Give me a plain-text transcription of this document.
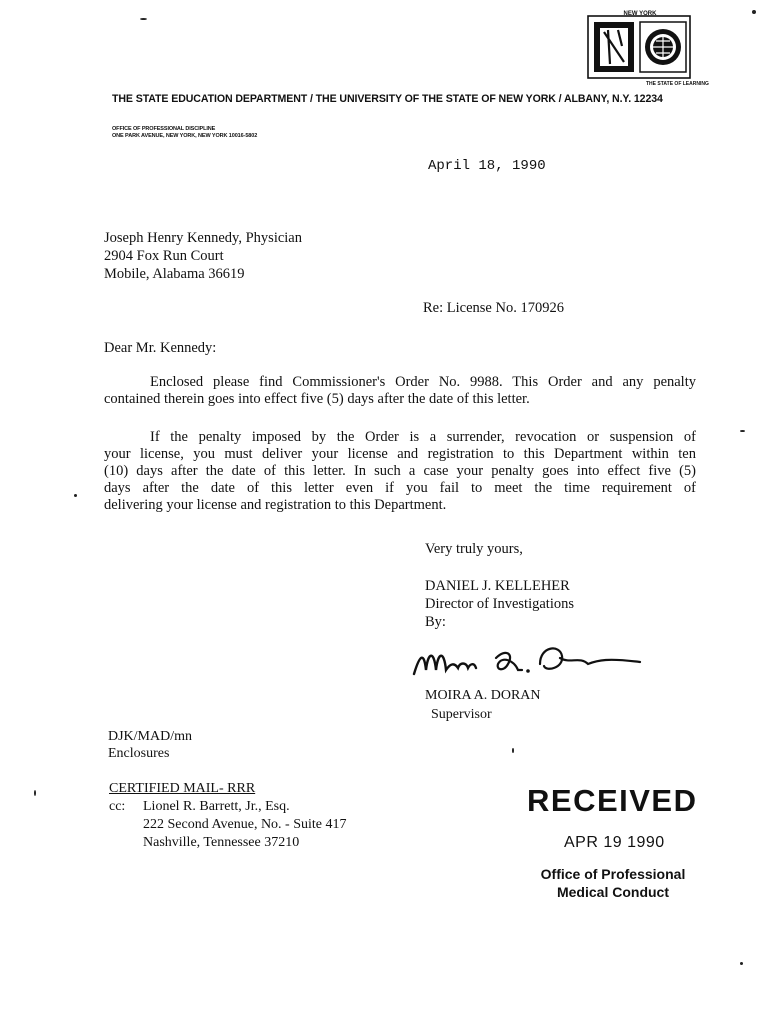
NEW YORK
THE STATE OF LEARNING
THE STATE EDUCATION DEPARTMENT / THE UNIVERSITY OF THE STATE OF NEW YORK / ALBANY, N.Y. 12234
OFFICE OF PROFESSIONAL DISCIPLINE
ONE PARK AVENUE, NEW YORK, NEW YORK 10016-5802
April 18, 1990
Joseph Henry Kennedy, Physician
2904 Fox Run Court
Mobile, Alabama 36619
Re: License No. 170926
Dear Mr. Kennedy:
Enclosed please find Commissioner's Order No. 9988. This Order and any penalty
contained therein goes into effect five (5) days after the date of this letter.
If the penalty imposed by the Order is a surrender, revocation or suspension of
your license, you must deliver your license and registration to this Department within ten
(10) days after the date of this letter. In such a case your penalty goes into effect five (5)
days after the date of this letter even if you fail to meet the time requirement of
delivering your license and registration to this Department.
Very truly yours,
DANIEL J. KELLEHER
Director of Investigations
By:
MOIRA A. DORAN
Supervisor
DJK/MAD/mn
Enclosures
CERTIFIED MAIL- RRR
cc: Lionel R. Barrett, Jr., Esq.
222 Second Avenue, No. - Suite 417
Nashville, Tennessee 37210
RECEIVED
APR 19 1990
Office of Professional
Medical Conduct
